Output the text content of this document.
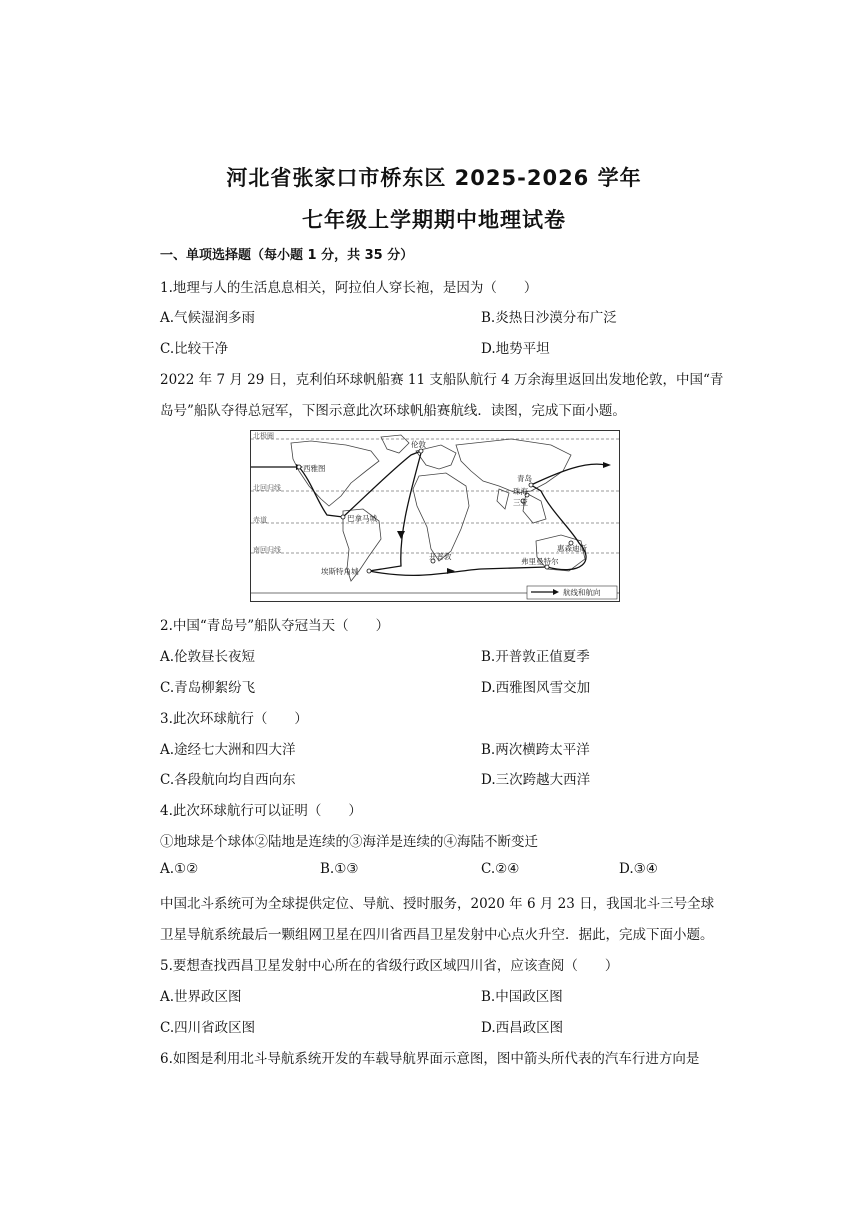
河北省张家口市桥东区 2025-2026 学年
七年级上学期期中地理试卷
一、单项选择题（每小题 1 分，共 35 分）
1.地理与人的生活息息相关，阿拉伯人穿长袍，是因为（　　）
A.气候湿润多雨	B.炎热日沙漠分布广泛
C.比较干净	D.地势平坦
2022 年 7 月 29 日，克利伯环球帆船赛 11 支船队航行 4 万余海里返回出发地伦敦，中国“青
岛号”船队夺得总冠军，下图示意此次环球帆船赛航线．读图，完成下面小题。
北极圈
北回归线
赤道
南回归线
伦敦
西雅图
巴拿马城
埃斯特角城
开普敦
青岛
珠海
三亚
惠森迪斯
弗里曼特尔
航线和航向
2.中国“青岛号”船队夺冠当天（　　）
A.伦敦昼长夜短	B.开普敦正值夏季
C.青岛柳絮纷飞	D.西雅图风雪交加
3.此次环球航行（　　）
A.途经七大洲和四大洋	B.两次横跨太平洋
C.各段航向均自西向东	D.三次跨越大西洋
4.此次环球航行可以证明（　　）
①地球是个球体②陆地是连续的③海洋是连续的④海陆不断变迁
A.①②	B.①③	C.②④	D.③④
中国北斗系统可为全球提供定位、导航、授时服务，2020 年 6 月 23 日，我国北斗三号全球
卫星导航系统最后一颗组网卫星在四川省西昌卫星发射中心点火升空．据此，完成下面小题。
5.要想查找西昌卫星发射中心所在的省级行政区域四川省，应该查阅（　　）
A.世界政区图	B.中国政区图
C.四川省政区图	D.西昌政区图
6.如图是利用北斗导航系统开发的车载导航界面示意图，图中箭头所代表的汽车行进方向是
